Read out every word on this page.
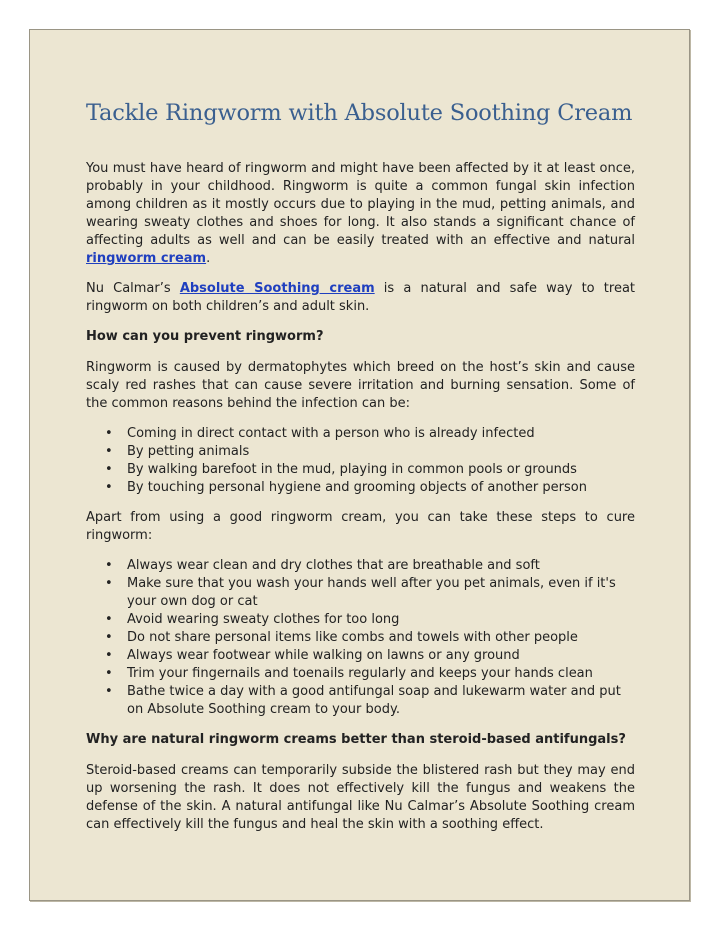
Tackle Ringworm with Absolute Soothing Cream

You must have heard of ringworm and might have been affected by it at least once, probably in your childhood. Ringworm is quite a common fungal skin infection among children as it mostly occurs due to playing in the mud, petting animals, and wearing sweaty clothes and shoes for long. It also stands a significant chance of affecting adults as well and can be easily treated with an effective and natural ringworm cream.

Nu Calmar’s Absolute Soothing cream is a natural and safe way to treat ringworm on both children’s and adult skin.

How can you prevent ringworm?

Ringworm is caused by dermatophytes which breed on the host’s skin and cause scaly red rashes that can cause severe irritation and burning sensation. Some of the common reasons behind the infection can be:

• Coming in direct contact with a person who is already infected
• By petting animals
• By walking barefoot in the mud, playing in common pools or grounds
• By touching personal hygiene and grooming objects of another person

Apart from using a good ringworm cream, you can take these steps to cure ringworm:

• Always wear clean and dry clothes that are breathable and soft
• Make sure that you wash your hands well after you pet animals, even if it's your own dog or cat
• Avoid wearing sweaty clothes for too long
• Do not share personal items like combs and towels with other people
• Always wear footwear while walking on lawns or any ground
• Trim your fingernails and toenails regularly and keeps your hands clean
• Bathe twice a day with a good antifungal soap and lukewarm water and put on Absolute Soothing cream to your body.

Why are natural ringworm creams better than steroid-based antifungals?

Steroid-based creams can temporarily subside the blistered rash but they may end up worsening the rash. It does not effectively kill the fungus and weakens the defense of the skin. A natural antifungal like Nu Calmar’s Absolute Soothing cream can effectively kill the fungus and heal the skin with a soothing effect.
